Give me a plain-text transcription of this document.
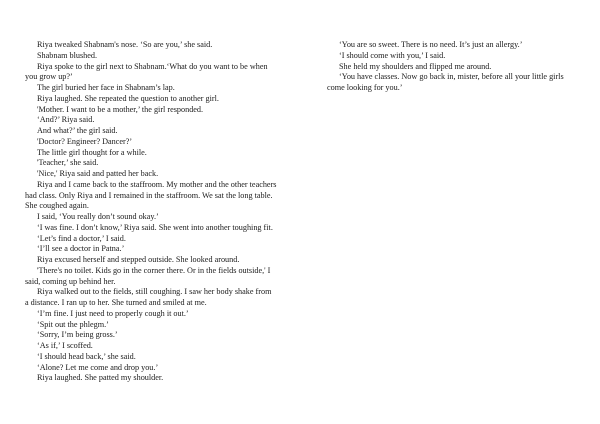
Riya tweaked Shabnam's nose. ‘So are you,’ she said.

Shabnam blushed.

Riya spoke to the girl next to Shabnam.‘What do you want to be when you grow up?’

The girl buried her face in Shabnam’s lap.

Riya laughed. She repeated the question to another girl.

'Mother. I want to be a mother,’ the girl responded.

‘And?’ Riya said.

And what?’ the girl said.

'Doctor? Engineer? Dancer?’

The little girl thought for a while.

'Teacher,’ she said.

'Nice,' Riya said and patted her back.

Riya and I came back to the staffroom. My mother and the other teachers had class. Only Riya and I remained in the staffroom. We sat the long table. She coughed again.

I said, ‘You really don’t sound okay.’

‘I was fine. I don’t know,’ Riya said. She went into another toughing fit.

‘Let’s find a doctor,’ I said.

‘I’ll see a doctor in Patna.’

Riya excused herself and stepped outside. She looked around.

'There's no toilet. Kids go in the corner there. Or in the fields outside,' I said, coming up behind her.

Riya walked out to the fields, still coughing. I saw her body shake from a distance. I ran up to her. She turned and smiled at me.

‘I’m fine. I just need to properly cough it out.’

‘Spit out the phlegm.’

‘Sorry, I’m being gross.’

‘As if,’ I scoffed.

‘I should head back,’ she said.

‘Alone? Let me come and drop you.’

Riya laughed. She patted my shoulder.

‘You are so sweet. There is no need. It’s just an allergy.’

‘I should come with you,’ I said.

She held my shoulders and flipped me around.

‘You have classes. Now go back in, mister, before all your little girls come looking for you.’
